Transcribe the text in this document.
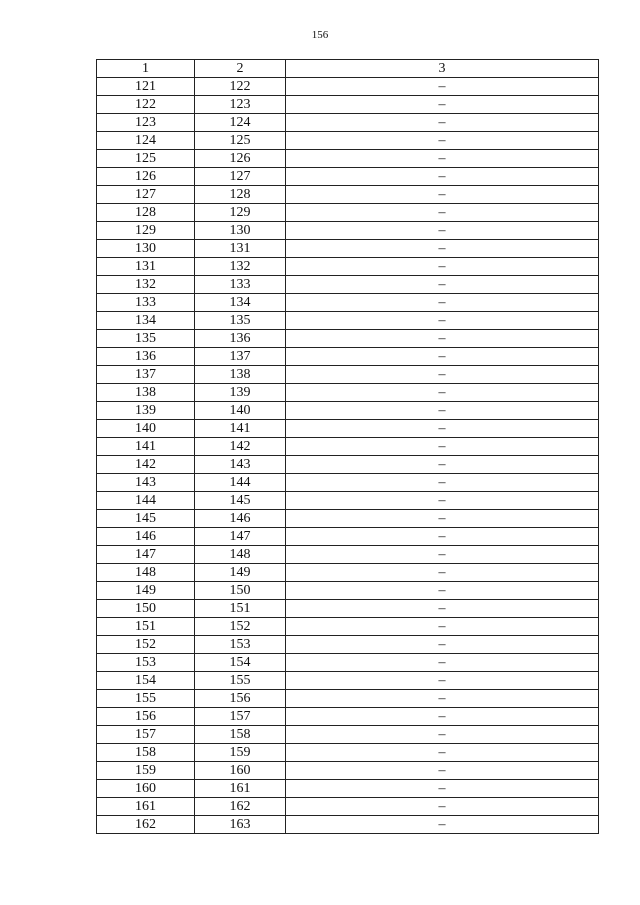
156
1	2	3
121	122	–
122	123	–
123	124	–
124	125	–
125	126	–
126	127	–
127	128	–
128	129	–
129	130	–
130	131	–
131	132	–
132	133	–
133	134	–
134	135	–
135	136	–
136	137	–
137	138	–
138	139	–
139	140	–
140	141	–
141	142	–
142	143	–
143	144	–
144	145	–
145	146	–
146	147	–
147	148	–
148	149	–
149	150	–
150	151	–
151	152	–
152	153	–
153	154	–
154	155	–
155	156	–
156	157	–
157	158	–
158	159	–
159	160	–
160	161	–
161	162	–
162	163	–
